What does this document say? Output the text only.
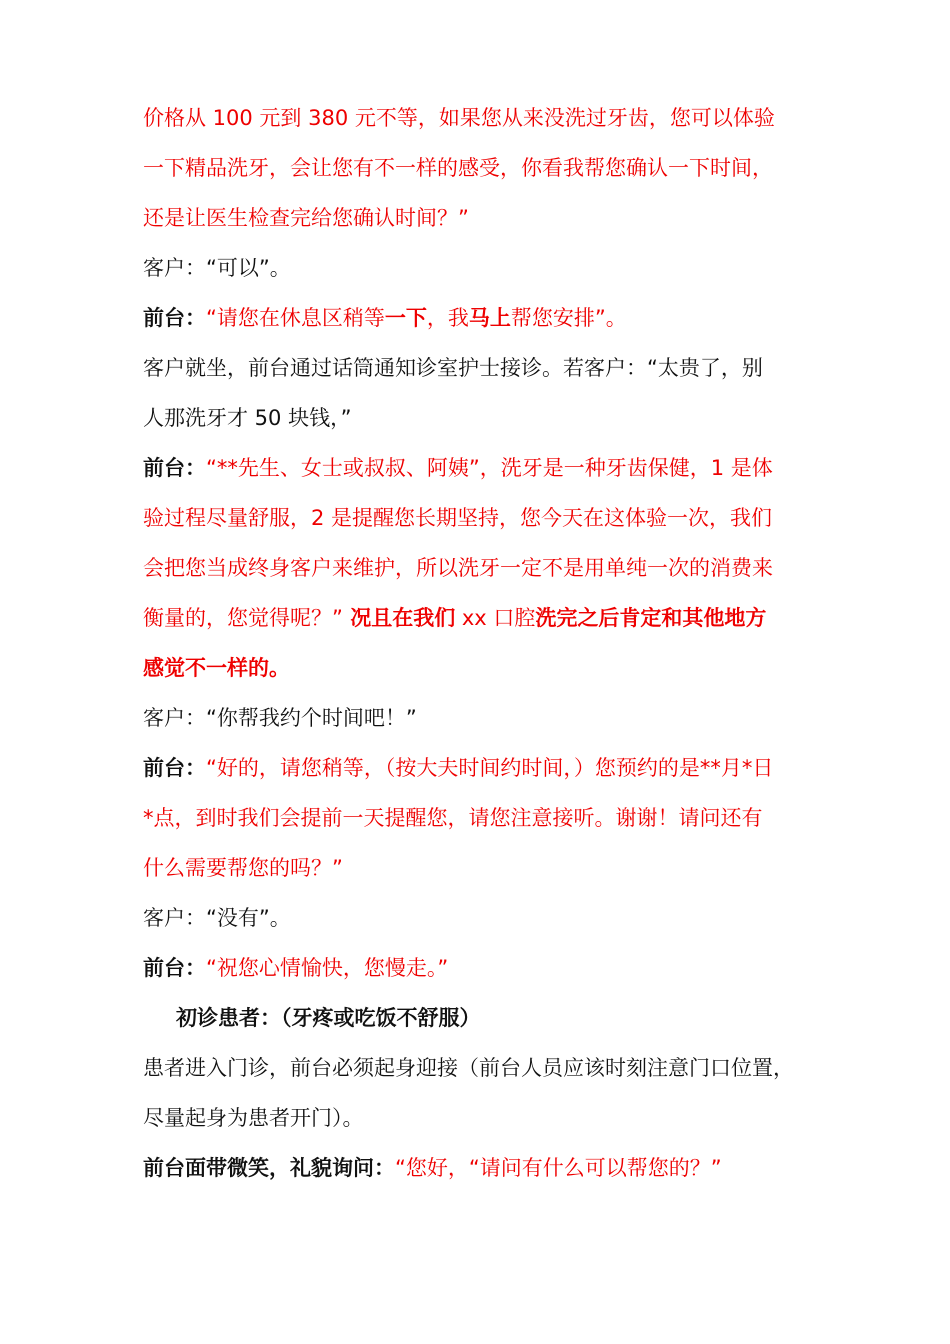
价格从 100 元到 380 元不等，如果您从来没洗过牙齿，您可以体验
一下精品洗牙，会让您有不一样的感受，你看我帮您确认一下时间，
还是让医生检查完给您确认时间？”
客户：“可以”。
前台：“请您在休息区稍等一下，我马上帮您安排”。
客户就坐，前台通过话筒通知诊室护士接诊。若客户：“太贵了，别
人那洗牙才 50 块钱，”
前台：“**先生、女士或叔叔、阿姨”，洗牙是一种牙齿保健，1 是体
验过程尽量舒服，2 是提醒您长期坚持，您今天在这体验一次，我们
会把您当成终身客户来维护，所以洗牙一定不是用单纯一次的消费来
衡量的，您觉得呢？” 况且在我们 xx 口腔洗完之后肯定和其他地方
感觉不一样的。
客户：“你帮我约个时间吧！”
前台：“好的，请您稍等，（按大夫时间约时间，）您预约的是**月*日
*点，到时我们会提前一天提醒您，请您注意接听。谢谢！请问还有
什么需要帮您的吗？”
客户：“没有”。
前台：“祝您心情愉快，您慢走。”
初诊患者：（牙疼或吃饭不舒服）
患者进入门诊，前台必须起身迎接（前台人员应该时刻注意门口位置，
尽量起身为患者开门）。
前台面带微笑，礼貌询问：“您好，“请问有什么可以帮您的？”
